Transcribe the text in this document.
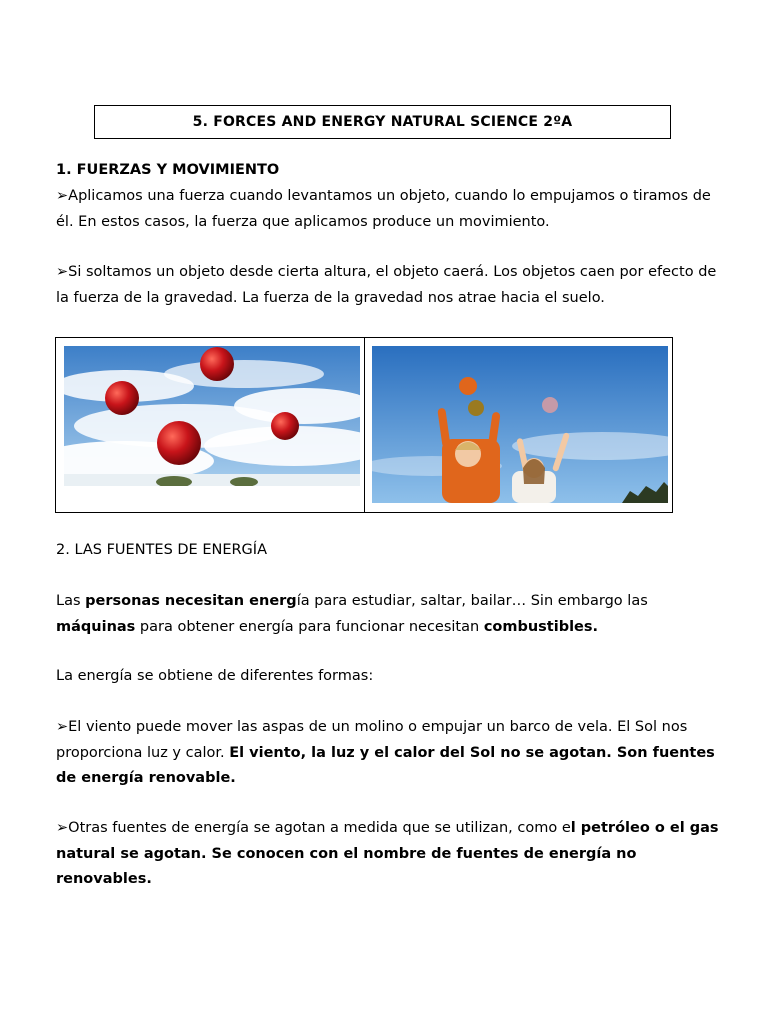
5. FORCES AND ENERGY NATURAL SCIENCE 2ºA
1. FUERZAS Y MOVIMIENTO
➢Aplicamos una fuerza cuando levantamos un objeto, cuando lo empujamos o tiramos de él. En estos casos, la fuerza que aplicamos produce un movimiento.
➢Si soltamos un objeto desde cierta altura, el objeto caerá. Los objetos caen por efecto de la fuerza de la gravedad. La fuerza de la gravedad nos atrae hacia el suelo.
2. LAS FUENTES DE ENERGÍA
Las personas necesitan energía para estudiar, saltar, bailar… Sin embargo las máquinas para obtener energía para funcionar necesitan combustibles.
La energía se obtiene de diferentes formas:
➢El viento puede mover las aspas de un molino o empujar un barco de vela. El Sol nos proporciona luz y calor. El viento, la luz y el calor del Sol no se agotan. Son fuentes de energía renovable.
➢Otras fuentes de energía se agotan a medida que se utilizan, como el petróleo o el gas natural se agotan. Se conocen con el nombre de fuentes de energía no renovables.
